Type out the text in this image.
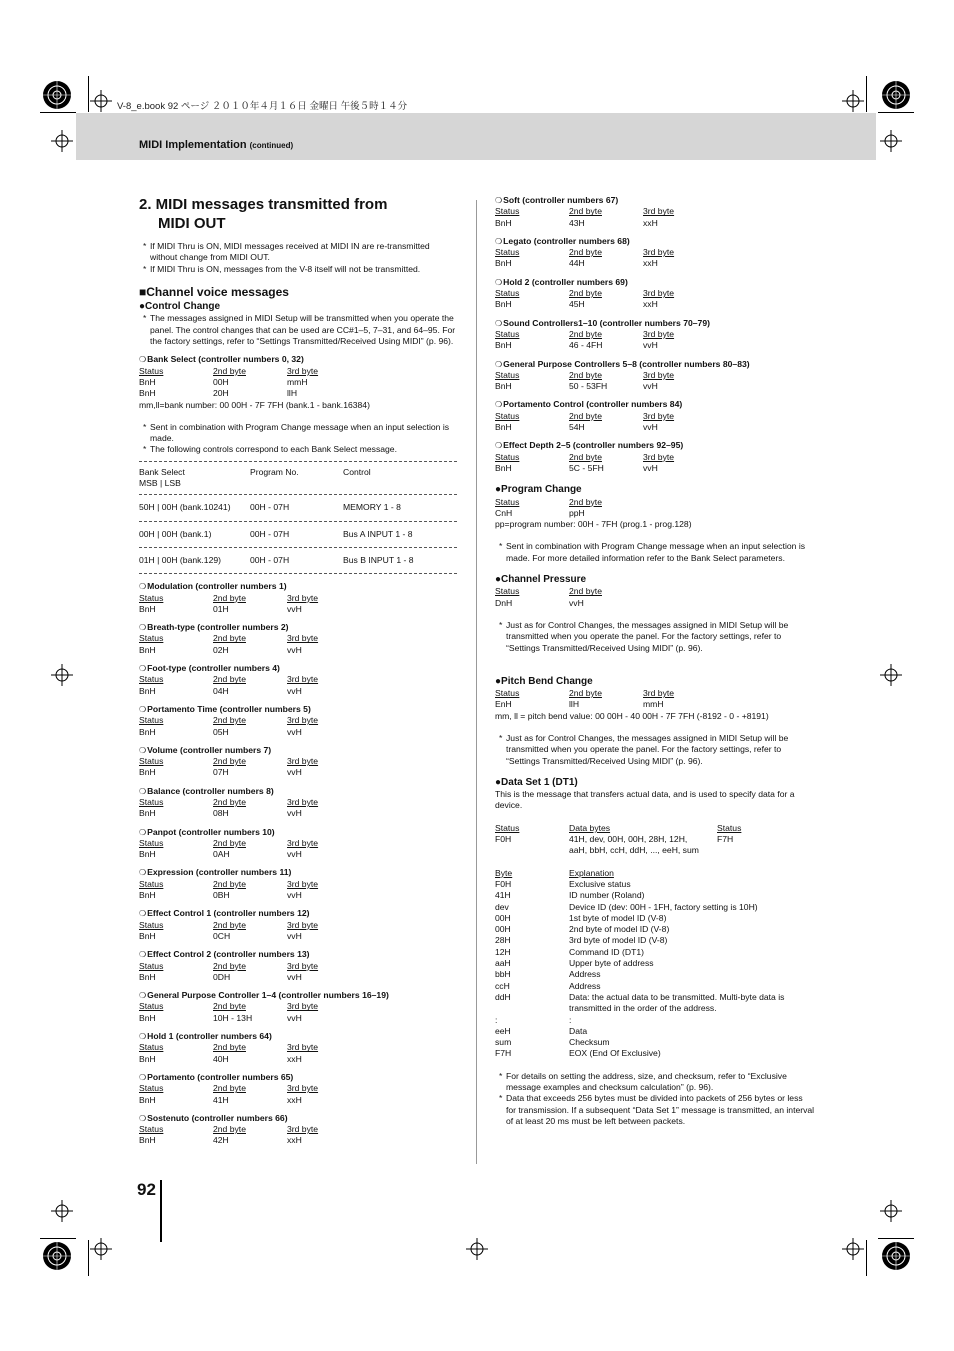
V-8_e.book 92 ページ ２０１０年４月１６日 金曜日 午後５時１４分
MIDI Implementation (continued)
2. MIDI messages transmitted from
MIDI OUT

* If MIDI Thru is ON, MIDI messages received at MIDI IN are re-transmitted without change from MIDI OUT.

* If MIDI Thru is ON, messages from the V-8 itself will not be transmitted.

■Channel voice messages
●Control Change

* The messages assigned in MIDI Setup will be transmitted when you operate the panel. The control changes that can be used are CC#1–5, 7–31, and 64–95. For the factory settings, refer to “Settings Transmitted/Received Using MIDI” (p. 96).

❍ Bank Select (controller numbers 0, 32)
Status	2nd byte	3rd byte
BnH	00H	mmH
BnH	20H	llH
mm,ll=bank number: 00 00H - 7F 7FH (bank.1 - bank.16384)

* Sent in combination with Program Change message when an input selection is made.

* The following controls correspond to each Bank Select message.

Bank Select	Program No.	Control
MSB | LSB
50H | 00H (bank.10241)	00H - 07H	MEMORY 1 - 8
00H | 00H (bank.1)	00H - 07H	Bus A INPUT 1 - 8
01H | 00H (bank.129)	00H - 07H	Bus B INPUT 1 - 8
❍ Modulation (controller numbers 1)
Status	2nd byte	3rd byte
BnH	01H	vvH
❍ Breath-type (controller numbers 2)
Status	2nd byte	3rd byte
BnH	02H	vvH
❍ Foot-type (controller numbers 4)
Status	2nd byte	3rd byte
BnH	04H	vvH
❍ Portamento Time (controller numbers 5)
Status	2nd byte	3rd byte
BnH	05H	vvH
❍ Volume (controller numbers 7)
Status	2nd byte	3rd byte
BnH	07H	vvH
❍ Balance (controller numbers 8)
Status	2nd byte	3rd byte
BnH	08H	vvH
❍ Panpot (controller numbers 10)
Status	2nd byte	3rd byte
BnH	0AH	vvH
❍ Expression (controller numbers 11)
Status	2nd byte	3rd byte
BnH	0BH	vvH
❍ Effect Control 1 (controller numbers 12)
Status	2nd byte	3rd byte
BnH	0CH	vvH
❍ Effect Control 2 (controller numbers 13)
Status	2nd byte	3rd byte
BnH	0DH	vvH
❍ General Purpose Controller 1–4 (controller numbers 16–19)
Status	2nd byte	3rd byte
BnH	10H - 13H	vvH
❍ Hold 1 (controller numbers 64)
Status	2nd byte	3rd byte
BnH	40H	xxH
❍ Portamento (controller numbers 65)
Status	2nd byte	3rd byte
BnH	41H	xxH
❍ Sostenuto (controller numbers 66)
Status	2nd byte	3rd byte
BnH	42H	xxH
❍ Soft (controller numbers 67)
Status	2nd byte	3rd byte
BnH	43H	xxH
❍ Legato (controller numbers 68)
Status	2nd byte	3rd byte
BnH	44H	xxH
❍ Hold 2 (controller numbers 69)
Status	2nd byte	3rd byte
BnH	45H	xxH
❍ Sound Controllers1–10 (controller numbers 70–79)
Status	2nd byte	3rd byte
BnH	46 - 4FH	vvH
❍ General Purpose Controllers 5–8 (controller numbers 80–83)
Status	2nd byte	3rd byte
BnH	50 - 53FH	vvH
❍ Portamento Control (controller numbers 84)
Status	2nd byte	3rd byte
BnH	54H	vvH
❍ Effect Depth 2–5 (controller numbers 92–95)
Status	2nd byte	3rd byte
BnH	5C - 5FH	vvH
●Program Change
Status	2nd byte
CnH	ppH
pp=program number: 00H - 7FH (prog.1 - prog.128)

* Sent in combination with Program Change message when an input selection is made. For more detailed information refer to the Bank Select parameters.

●Channel Pressure
Status	2nd byte
DnH	vvH

* Just as for Control Changes, the messages assigned in MIDI Setup will be transmitted when you operate the panel. For the factory settings, refer to “Settings Transmitted/Received Using MIDI” (p. 96).

●Pitch Bend Change
Status	2nd byte	3rd byte
EnH	llH	mmH
mm, ll = pitch bend value: 00 00H - 40 00H - 7F 7FH (-8192 - 0 - +8191)

* Just as for Control Changes, the messages assigned in MIDI Setup will be transmitted when you operate the panel. For the factory settings, refer to “Settings Transmitted/Received Using MIDI” (p. 96).

●Data Set 1 (DT1)
This is the message that transfers actual data, and is used to specify data for a device.
Status	Data bytes	Status
F0H	41H, dev, 00H, 00H, 28H, 12H,	F7H
aaH, bbH, ccH, ddH, ..., eeH, sum
Byte	Explanation
F0H	Exclusive status
41H	ID number (Roland)
dev	Device ID (dev: 00H - 1FH, factory setting is 10H)
00H	1st byte of model ID (V-8)
00H	2nd byte of model ID (V-8)
28H	3rd byte of model ID (V-8)
12H	Command ID (DT1)
aaH	Upper byte of address
bbH	Address
ccH	Address
ddH	Data: the actual data to be transmitted. Multi-byte data is transmitted in the order of the address.
:	:
eeH	Data
sum	Checksum
F7H	EOX (End Of Exclusive)

* For details on setting the address, size, and checksum, refer to “Exclusive message examples and checksum calculation” (p. 96).

* Data that exceeds 256 bytes must be divided into packets of 256 bytes or less for transmission. If a subsequent “Data Set 1” message is transmitted, an interval of at least 20 ms must be left between packets.

92
